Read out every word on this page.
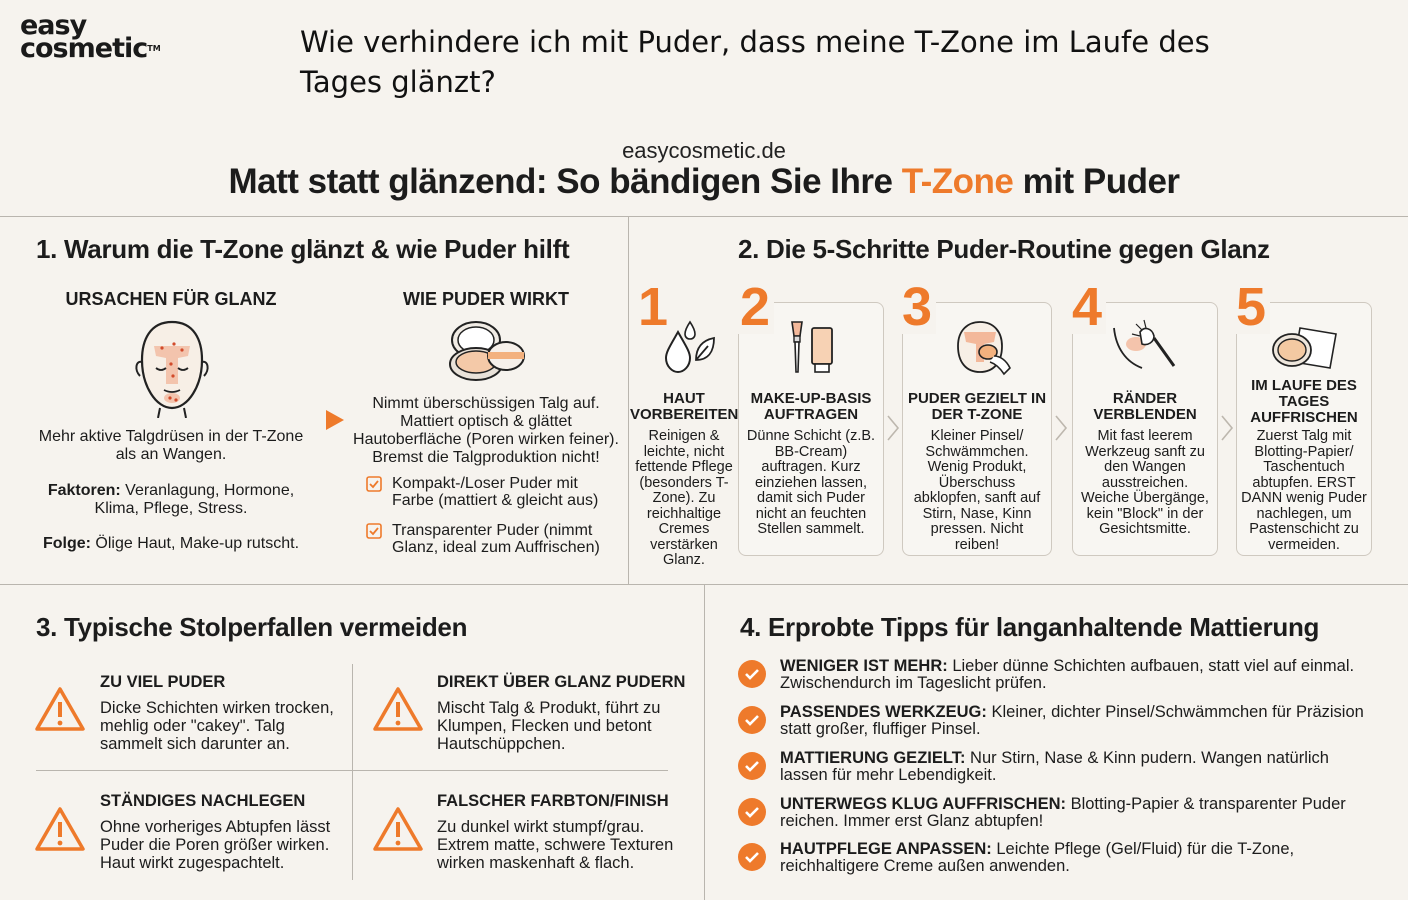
easy
cosmetic™	Wie verhindere ich mit Puder, dass meine T-Zone im Laufe des Tages glänzt?
easycosmetic.de
Matt statt glänzend: So bändigen Sie Ihre T-Zone mit Puder
1. Warum die T-Zone glänzt & wie Puder hilft
URSACHEN FÜR GLANZ
Mehr aktive Talgdrüsen in der T-Zone als an Wangen.
Faktoren: Veranlagung, Hormone, Klima, Pflege, Stress.
Folge: Ölige Haut, Make-up rutscht.
WIE PUDER WIRKT
Nimmt überschüssigen Talg auf. Mattiert optisch & glättet Hautoberfläche (Poren wirken feiner). Bremst die Talgproduktion nicht!
Kompakt-/Loser Puder mit Farbe (mattiert & gleicht aus)
Transparenter Puder (nimmt Glanz, ideal zum Auffrischen)
2. Die 5-Schritte Puder-Routine gegen Glanz
1
HAUT VORBEREITEN
Reinigen & leichte, nicht fettende Pflege (besonders T-Zone). Zu reichhaltige Cremes verstärken Glanz.
2
MAKE-UP-BASIS AUFTRAGEN
Dünne Schicht (z.B. BB-Cream) auftragen. Kurz einziehen lassen, damit sich Puder nicht an feuchten Stellen sammelt.
3
PUDER GEZIELT IN DER T-ZONE
Kleiner Pinsel/ Schwämmchen. Wenig Produkt, Überschuss abklopfen, sanft auf Stirn, Nase, Kinn pressen. Nicht reiben!
4
RÄNDER VERBLENDEN
Mit fast leerem Werkzeug sanft zu den Wangen ausstreichen. Weiche Übergänge, kein "Block" in der Gesichtsmitte.
5
IM LAUFE DES TAGES AUFFRISCHEN
Zuerst Talg mit Blotting-Papier/ Taschentuch abtupfen. ERST DANN wenig Puder nachlegen, um Pastenschicht zu vermeiden.
3. Typische Stolperfallen vermeiden
ZU VIEL PUDER
Dicke Schichten wirken trocken, mehlig oder "cakey". Talg sammelt sich darunter an.
DIREKT ÜBER GLANZ PUDERN
Mischt Talg & Produkt, führt zu Klumpen, Flecken und betont Hautschüppchen.
STÄNDIGES NACHLEGEN
Ohne vorheriges Abtupfen lässt Puder die Poren größer wirken. Haut wirkt zugespachtelt.
FALSCHER FARBTON/FINISH
Zu dunkel wirkt stumpf/grau. Extrem matte, schwere Texturen wirken maskenhaft & flach.
4. Erprobte Tipps für langanhaltende Mattierung
WENIGER IST MEHR: Lieber dünne Schichten aufbauen, statt viel auf einmal. Zwischendurch im Tageslicht prüfen.
PASSENDES WERKZEUG: Kleiner, dichter Pinsel/Schwämmchen für Präzision statt großer, fluffiger Pinsel.
MATTIERUNG GEZIELT: Nur Stirn, Nase & Kinn pudern. Wangen natürlich lassen für mehr Lebendigkeit.
UNTERWEGS KLUG AUFFRISCHEN: Blotting-Papier & transparenter Puder reichen. Immer erst Glanz abtupfen!
HAUTPFLEGE ANPASSEN: Leichte Pflege (Gel/Fluid) für die T-Zone, reichhaltigere Creme außen anwenden.
